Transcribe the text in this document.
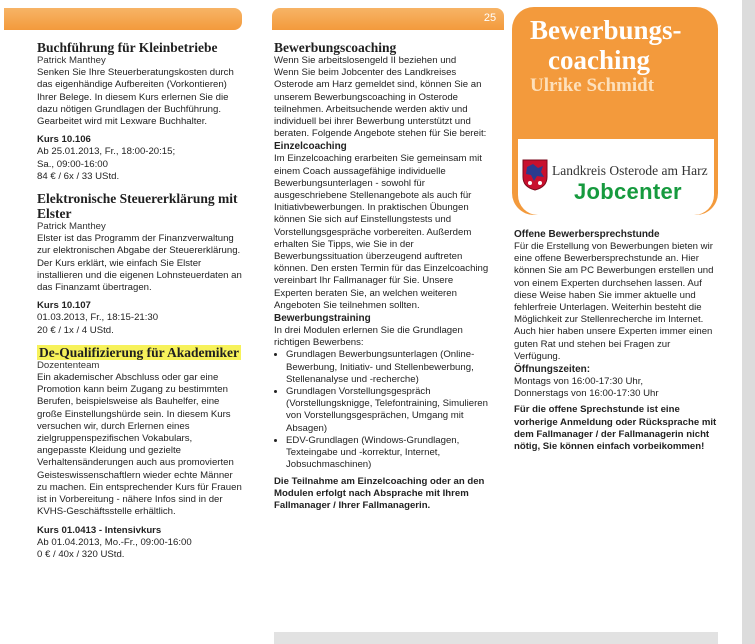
25
Buchführung für Kleinbetriebe

Patrick Manthey

Senken Sie Ihre Steuerberatungskosten durch das eigenhändige Aufbereiten (Vorkontieren) Ihrer Belege. In diesem Kurs erlernen Sie die dazu nötigen Grundlagen der Buchführung. Gearbeitet wird mit Lexware Buchhalter.

Kurs 10.106

Ab 25.01.2013, Fr., 18:00-20:15;

Sa., 09:00-16:00

84 € / 6x / 33 UStd.

Elektronische Steuererklärung mit Elster

Patrick Manthey

Elster ist das Programm der Finanzverwaltung zur elektronischen Abgabe der Steuererklärung. Der Kurs erklärt, wie einfach Sie Elster installieren und die eigenen Lohnsteuerdaten an das Finanzamt übertragen.

Kurs 10.107

01.03.2013, Fr., 18:15-21:30

20 € / 1x / 4 UStd.

De-Qualifizierung für Akademiker

Dozententeam

Ein akademischer Abschluss oder gar eine Promotion kann beim Zugang zu bestimmten Berufen, beispielsweise als Bauhelfer, eine große Einstellungshürde sein. In diesem Kurs versuchen wir, durch Erlernen eines zielgruppenspezifischen Vokabulars, angepasste Kleidung und gezielte Verhaltensänderungen auch aus promovierten Geisteswissenschaftlern wieder echte Männer zu machen. Ein entsprechender Kurs für Frauen ist in Vorbereitung - nähere Infos sind in der KVHS-Geschäftsstelle erhältlich.

Kurs 01.0413 - Intensivkurs

Ab 01.04.2013, Mo.-Fr., 09:00-16:00

0 € / 40x / 320 UStd.

Bewerbungscoaching

Wenn Sie arbeitslosengeld II beziehen und

Wenn Sie beim Jobcenter des Landkreises Osterode am Harz gemeldet sind, können Sie an unserem Bewerbungscoaching in Osterode teilnehmen. Arbeitsuchende werden aktiv und individuell bei ihrer Bewerbung unterstützt und beraten. Folgende Angebote stehen für Sie bereit:

Einzelcoaching

Im Einzelcoaching erarbeiten Sie gemeinsam mit einem Coach aussagefähige individuelle Bewerbungsunterlagen - sowohl für ausgeschriebene Stellenangebote als auch für Initiativbewerbungen. In praktischen Übungen können Sie sich auf Einstellungstests und Vorstellungsgespräche vorbereiten. Außerdem erhalten Sie Tipps, wie Sie in der Bewerbungssituation überzeugend auftreten können. Den ersten Termin für das Einzelcoaching vereinbart Ihr Fallmanager für Sie. Unsere Experten beraten Sie, an welchen weiteren Angeboten Sie teilnehmen sollten.

Bewerbungstraining

In drei Modulen erlernen Sie die Grundlagen richtigen Bewerbens:

• Grundlagen Bewerbungsunterlagen (Online-Bewerbung, Initiativ- und Stellenbewerbung, Stellenanalyse und -recherche)
• Grundlagen Vorstellungsgespräch (Vorstellungsknigge, Telefontraining, Simulieren von Vorstellungsgesprächen, Umgang mit Absagen)
• EDV-Grundlagen (Windows-Grundlagen, Texteingabe und -korrektur, Internet, Jobsuchmaschinen)

Die Teilnahme am Einzelcoaching oder an den Modulen erfolgt nach Absprache mit Ihrem Fallmanager / Ihrer Fallmanagerin.

Bewerbungs-
coaching
Ulrike Schmidt
Landkreis Osterode am Harz
Jobcenter
Offene Bewerbersprechstunde

Für die Erstellung von Bewerbungen bieten wir eine offene Bewerbersprechstunde an. Hier können Sie am PC Bewerbungen erstellen und von einem Experten durchsehen lassen. Auf diese Weise haben Sie immer aktuelle und fehlerfreie Unterlagen. Weiterhin besteht die Möglichkeit zur Stellenrecherche im Internet. Auch hier haben unsere Experten immer einen guten Rat und stehen bei Fragen zur Verfügung.

Öffnungszeiten:

Montags von 16:00-17:30 Uhr,

Donnerstags von 16:00-17:30 Uhr

Für die offene Sprechstunde ist eine vorherige Anmeldung oder Rücksprache mit dem Fallmanager / der Fallmanagerin nicht nötig, Sie können einfach vorbeikommen!
